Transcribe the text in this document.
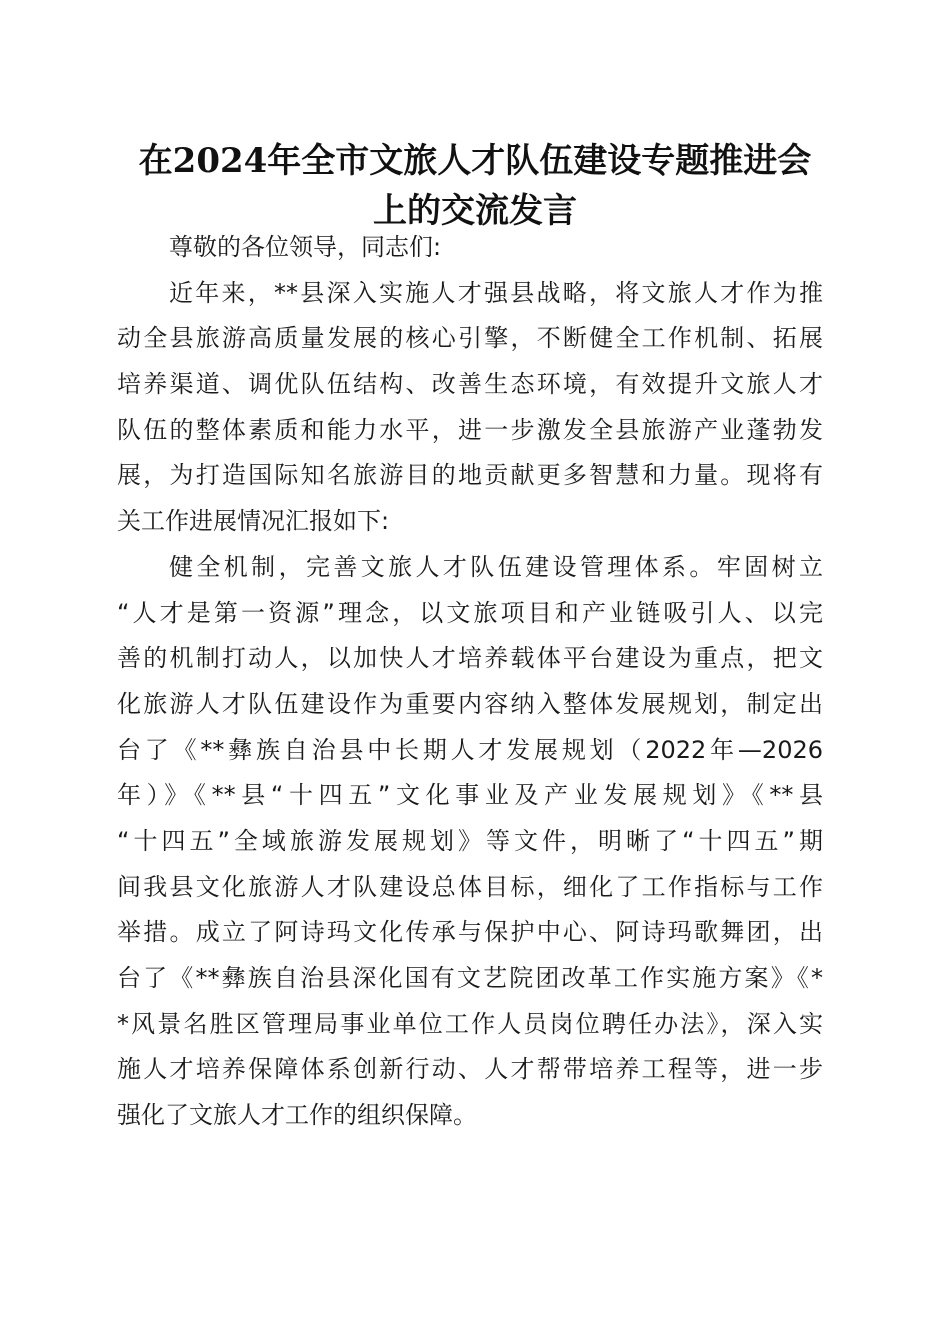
在2024年全市文旅人才队伍建设专题推进会
上的交流发言
尊敬的各位领导，同志们:
近年来，**县深入实施人才强县战略，将文旅人才作为推
动全县旅游高质量发展的核心引擎，不断健全工作机制、拓展
培养渠道、调优队伍结构、改善生态环境，有效提升文旅人才
队伍的整体素质和能力水平，进一步激发全县旅游产业蓬勃发
展，为打造国际知名旅游目的地贡献更多智慧和力量。现将有
关工作进展情况汇报如下:
健全机制，完善文旅人才队伍建设管理体系。牢固树立
“人才是第一资源”理念，以文旅项目和产业链吸引人、以完
善的机制打动人，以加快人才培养载体平台建设为重点，把文
化旅游人才队伍建设作为重要内容纳入整体发展规划，制定出
台了《**彝族自治县中长期人才发展规划（2022年—2026
年）》《**县“十四五”文化事业及产业发展规划》《**县
“十四五”全域旅游发展规划》等文件，明晰了“十四五”期
间我县文化旅游人才队建设总体目标，细化了工作指标与工作
举措。成立了阿诗玛文化传承与保护中心、阿诗玛歌舞团，出
台了《**彝族自治县深化国有文艺院团改革工作实施方案》《*
*风景名胜区管理局事业单位工作人员岗位聘任办法》，深入实
施人才培养保障体系创新行动、人才帮带培养工程等，进一步
强化了文旅人才工作的组织保障。
